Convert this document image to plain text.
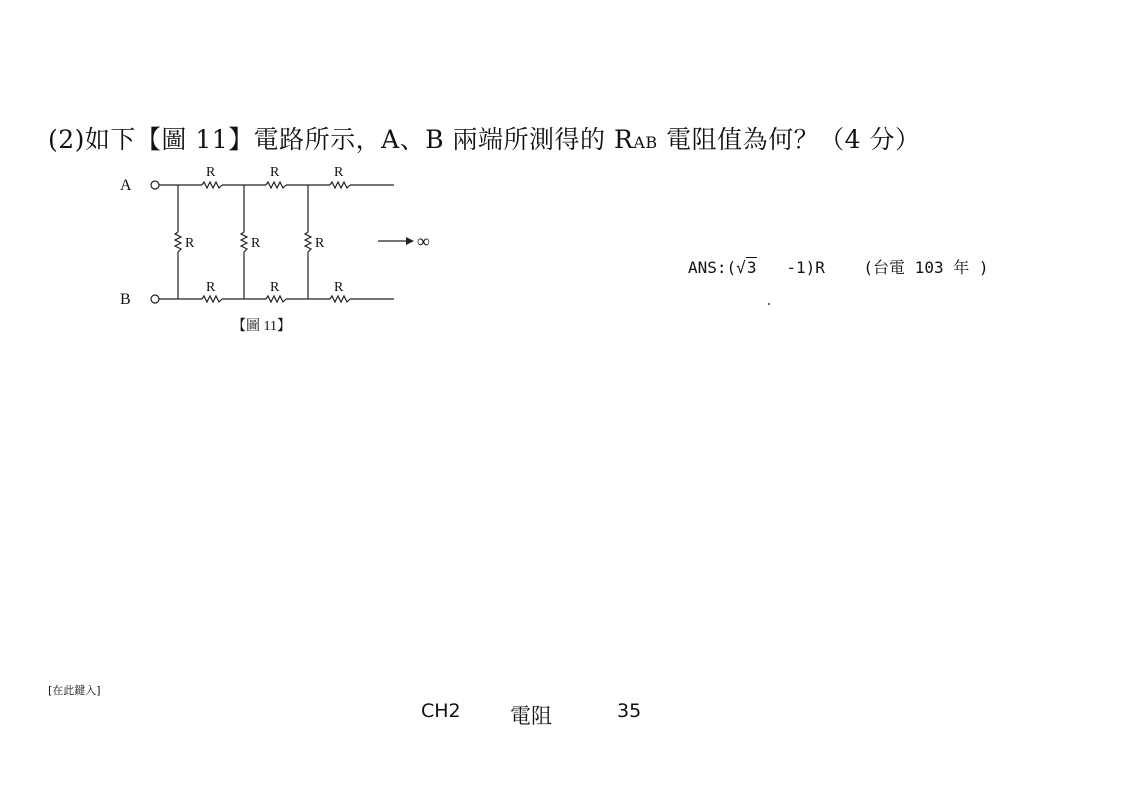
(2)如下【圖 11】電路所示，A、B 兩端所測得的 RAB 電阻值為何？（4 分）
A
B
R	R	R
R	R	R
R	R	R
∞
【圖 11】
ANS:(√3   -1)R    (台電 103 年 )
[在此鍵入]
CH2 電阻	35
